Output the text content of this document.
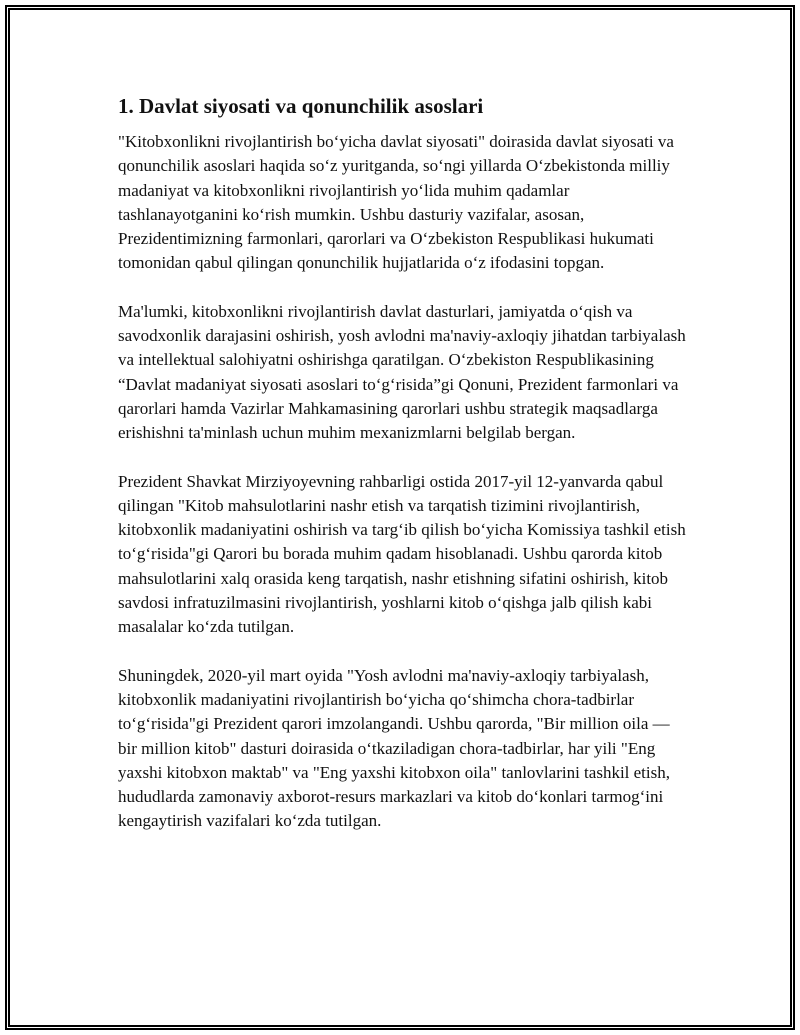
1. Davlat siyosati va qonunchilik asoslari

"Kitobxonlikni rivojlantirish bo‘yicha davlat siyosati" doirasida davlat siyosati va qonunchilik asoslari haqida so‘z yuritganda, so‘ngi yillarda O‘zbekistonda milliy madaniyat va kitobxonlikni rivojlantirish yo‘lida muhim qadamlar tashlanayotganini ko‘rish mumkin. Ushbu dasturiy vazifalar, asosan, Prezidentimizning farmonlari, qarorlari va O‘zbekiston Respublikasi hukumati tomonidan qabul qilingan qonunchilik hujjatlarida o‘z ifodasini topgan.

Ma'lumki, kitobxonlikni rivojlantirish davlat dasturlari, jamiyatda o‘qish va savodxonlik darajasini oshirish, yosh avlodni ma'naviy-axloqiy jihatdan tarbiyalash va intellektual salohiyatni oshirishga qaratilgan. O‘zbekiston Respublikasining “Davlat madaniyat siyosati asoslari to‘g‘risida”gi Qonuni, Prezident farmonlari va qarorlari hamda Vazirlar Mahkamasining qarorlari ushbu strategik maqsadlarga erishishni ta'minlash uchun muhim mexanizmlarni belgilab bergan.

Prezident Shavkat Mirziyoyevning rahbarligi ostida 2017-yil 12-yanvarda qabul qilingan "Kitob mahsulotlarini nashr etish va tarqatish tizimini rivojlantirish, kitobxonlik madaniyatini oshirish va targ‘ib qilish bo‘yicha Komissiya tashkil etish to‘g‘risida"gi Qarori bu borada muhim qadam hisoblanadi. Ushbu qarorda kitob mahsulotlarini xalq orasida keng tarqatish, nashr etishning sifatini oshirish, kitob savdosi infratuzilmasini rivojlantirish, yoshlarni kitob o‘qishga jalb qilish kabi masalalar ko‘zda tutilgan.

Shuningdek, 2020-yil mart oyida "Yosh avlodni ma'naviy-axloqiy tarbiyalash, kitobxonlik madaniyatini rivojlantirish bo‘yicha qo‘shimcha chora-tadbirlar to‘g‘risida"gi Prezident qarori imzolangandi. Ushbu qarorda, "Bir million oila — bir million kitob" dasturi doirasida o‘tkaziladigan chora-tadbirlar, har yili "Eng yaxshi kitobxon maktab" va "Eng yaxshi kitobxon oila" tanlovlarini tashkil etish, hududlarda zamonaviy axborot-resurs markazlari va kitob do‘konlari tarmog‘ini kengaytirish vazifalari ko‘zda tutilgan.
